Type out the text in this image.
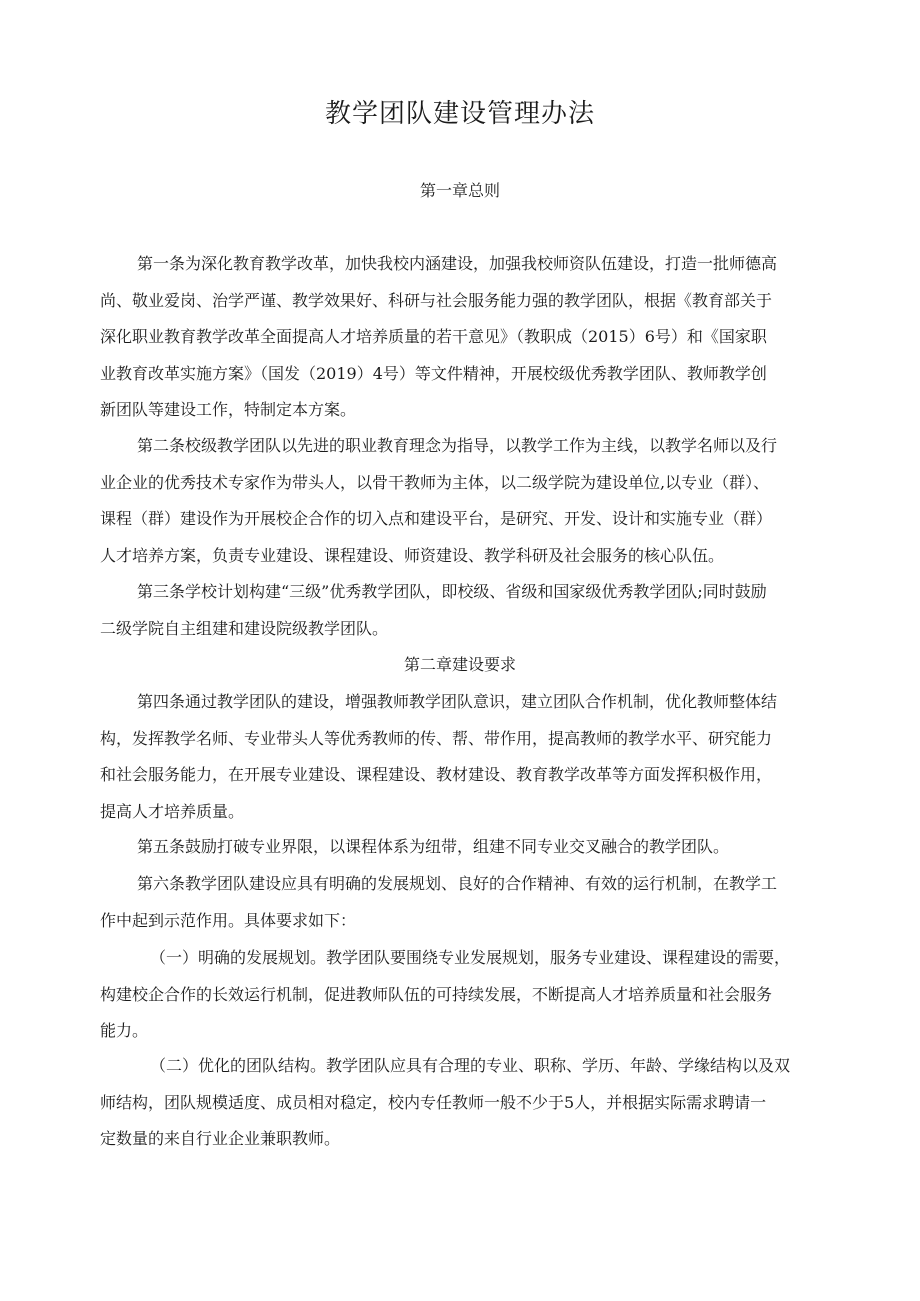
教学团队建设管理办法
第一章总则

第一条为深化教育教学改革，加快我校内涵建设，加强我校师资队伍建设，打造一批师德高

尚、敬业爱岗、治学严谨、教学效果好、科研与社会服务能力强的教学团队，根据《教育部关于

深化职业教育教学改革全面提高人才培养质量的若干意见》（教职成（2015）6号）和《国家职

业教育改革实施方案》（国发（2019）4号）等文件精神，开展校级优秀教学团队、教师教学创

新团队等建设工作，特制定本方案。

第二条校级教学团队以先进的职业教育理念为指导，以教学工作为主线，以教学名师以及行

业企业的优秀技术专家作为带头人，以骨干教师为主体，以二级学院为建设单位,以专业（群）、

课程（群）建设作为开展校企合作的切入点和建设平台，是研究、开发、设计和实施专业（群）

人才培养方案，负责专业建设、课程建设、师资建设、教学科研及社会服务的核心队伍。

第三条学校计划构建“三级”优秀教学团队，即校级、省级和国家级优秀教学团队;同时鼓励

二级学院自主组建和建设院级教学团队。

第二章建设要求

第四条通过教学团队的建设，增强教师教学团队意识，建立团队合作机制，优化教师整体结

构，发挥教学名师、专业带头人等优秀教师的传、帮、带作用，提高教师的教学水平、研究能力

和社会服务能力，在开展专业建设、课程建设、教材建设、教育教学改革等方面发挥积极作用，

提高人才培养质量。

第五条鼓励打破专业界限，以课程体系为纽带，组建不同专业交叉融合的教学团队。

第六条教学团队建设应具有明确的发展规划、良好的合作精神、有效的运行机制，在教学工

作中起到示范作用。具体要求如下：

（一）明确的发展规划。教学团队要围绕专业发展规划，服务专业建设、课程建设的需要，

构建校企合作的长效运行机制，促进教师队伍的可持续发展，不断提高人才培养质量和社会服务

能力。

（二）优化的团队结构。教学团队应具有合理的专业、职称、学历、年龄、学缘结构以及双

师结构，团队规模适度、成员相对稳定，校内专任教师一般不少于5人，并根据实际需求聘请一

定数量的来自行业企业兼职教师。
